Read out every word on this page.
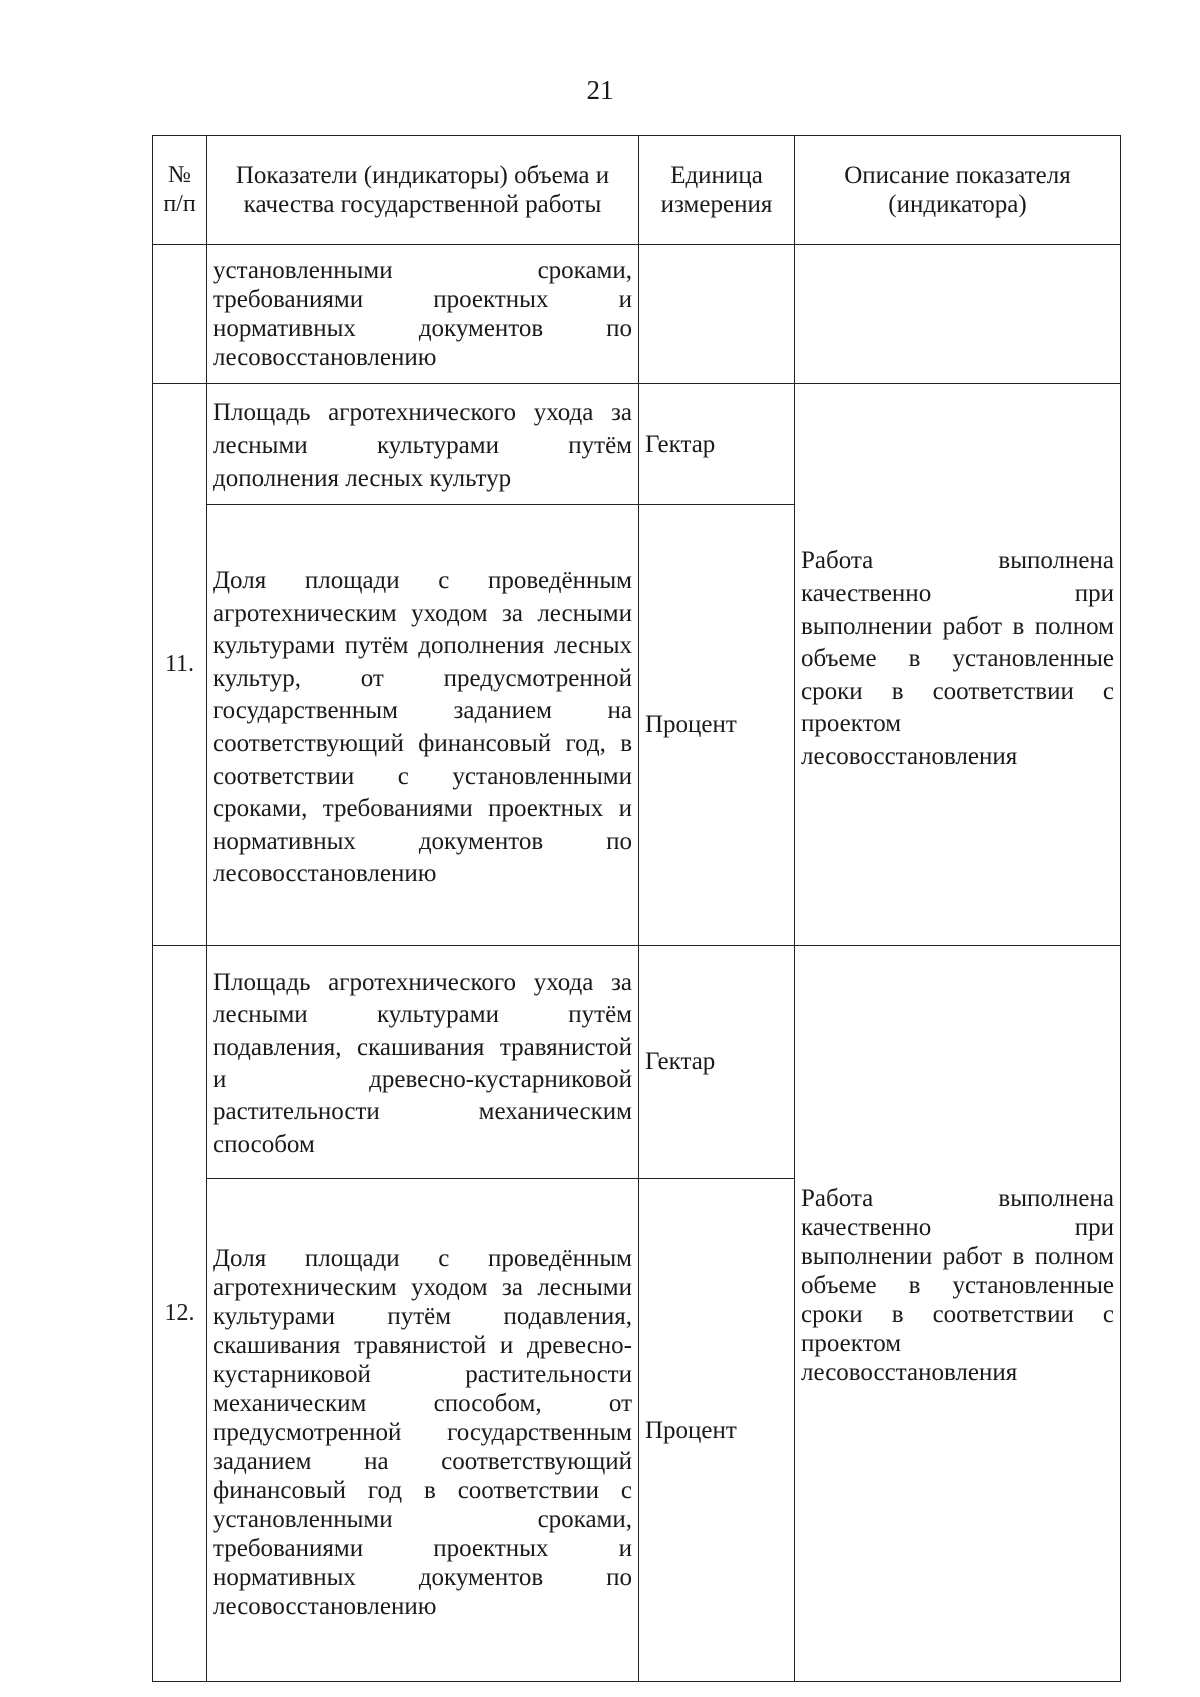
21
№ п/п	Показатели (индикаторы) объема и качества государственной работы	Единица измерения	Описание показателя (индикатора)
	установленными сроками, требованиями проектных и нормативных документов по лесовосстановлению		
11.	Площадь агротехнического ухода за лесными культурами путём дополнения лесных культур	Гектар	Работа выполнена качественно при выполнении работ в полном объеме в установленные сроки в соответствии с проектом лесовосстановления

	Доля площади с проведённым агротехническим уходом за лесными культурами путём дополнения лесных культур, от предусмотренной государственным заданием на соответствующий финансовый год, в соответствии с установленными сроками, требованиями проектных и нормативных документов по лесовосстановлению	Процент	
12.	Площадь агротехнического ухода за лесными культурами путём подавления, скашивания травянистой и древесно-кустарниковой растительности механическим способом	Гектар	Работа выполнена качественно при выполнении работ в полном объеме в установленные сроки в соответствии с проектом лесовосстановления

	Доля площади с проведённым агротехническим уходом за лесными культурами путём подавления, скашивания травянистой и древесно-кустарниковой растительности механическим способом, от предусмотренной государственным заданием на соответствующий финансовый год в соответствии с установленными сроками, требованиями проектных и нормативных документов по лесовосстановлению	Процент	
